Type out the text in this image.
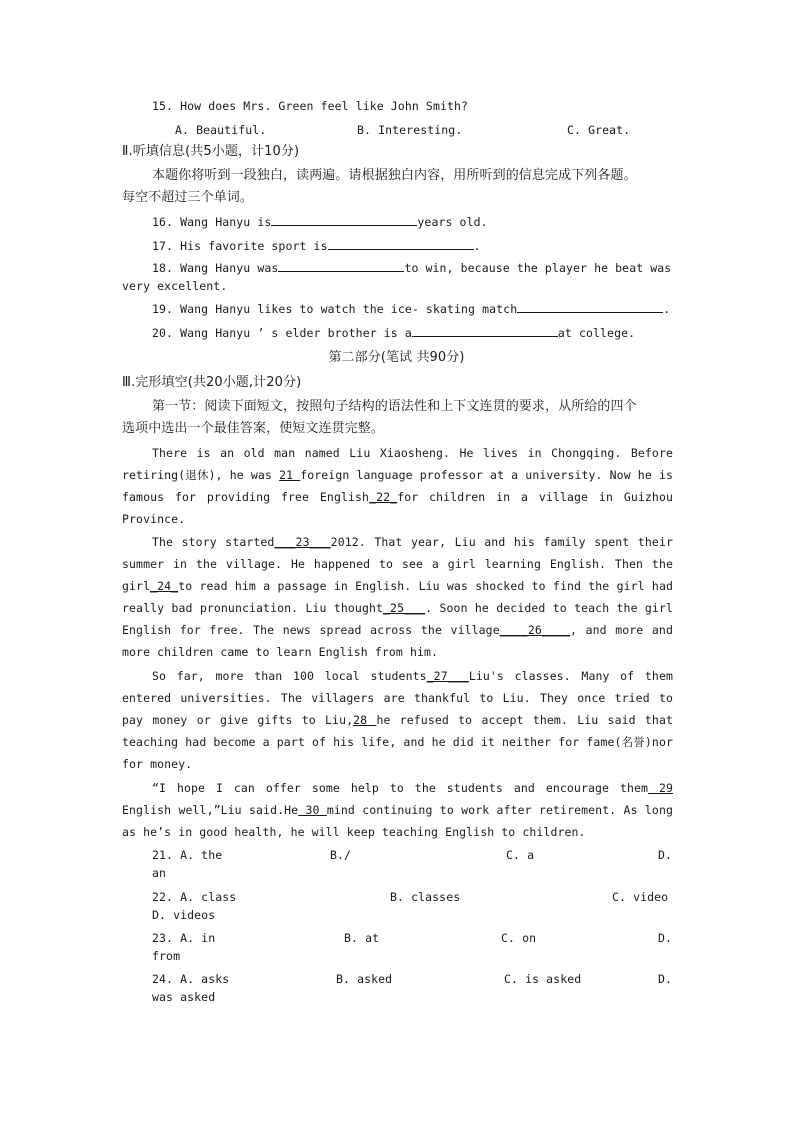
15. How does Mrs. Green feel like John Smith?
A. Beautiful.	B. Interesting.	C. Great.
Ⅱ.听填信息(共5小题，计10分)
本题你将听到一段独白，读两遍。请根据独白内容，用所听到的信息完成下列各题。
每空不超过三个单词。
16. Wang Hanyu is	years old.
17. His favorite sport is	.
18. Wang Hanyu was	to win, because the player he beat was
very excellent.
19. Wang Hanyu likes to watch the ice- skating match	.
20. Wang Hanyu ’ s elder brother is a	at college.
第二部分(笔试 共90分)
Ⅲ.完形填空(共20小题,计20分)
第一节：阅读下面短文，按照句子结构的语法性和上下文连贯的要求，从所给的四个
选项中选出一个最佳答案，使短文连贯完整。
There is an old man named Liu Xiaosheng. He lives in Chongqing. Before retiring(退休), he was 21 foreign language professor at a university. Now he is famous for providing free English_22_for children in a village in Guizhou Province.
The story started___23___2012. That year, Liu and his family spent their summer in the village. He happened to see a girl learning English. Then the girl_24_to read him a passage in English. Liu was shocked to find the girl had really bad pronunciation. Liu thought_25___. Soon he decided to teach the girl English for free. The news spread across the village____26____, and more and more children came to learn English from him.
So far, more than 100 local students_27___Liu's classes. Many of them entered universities. The villagers are thankful to Liu. They once tried to pay money or give gifts to Liu,28 he refused to accept them. Liu said that teaching had become a part of his life, and he did it neither for fame(名誉)nor for money.
“I hope I can offer some help to the students and encourage them 29 English well,”Liu said.He 30 mind continuing to work after retirement. As long as he’s in good health, he will keep teaching English to children.
21. A. the	B./	C. a	D.
an
22. A. class	B. classes	C. video
D. videos
23. A. in	B. at	C. on	D.
from
24. A. asks	B. asked	C. is asked	D.
was asked
